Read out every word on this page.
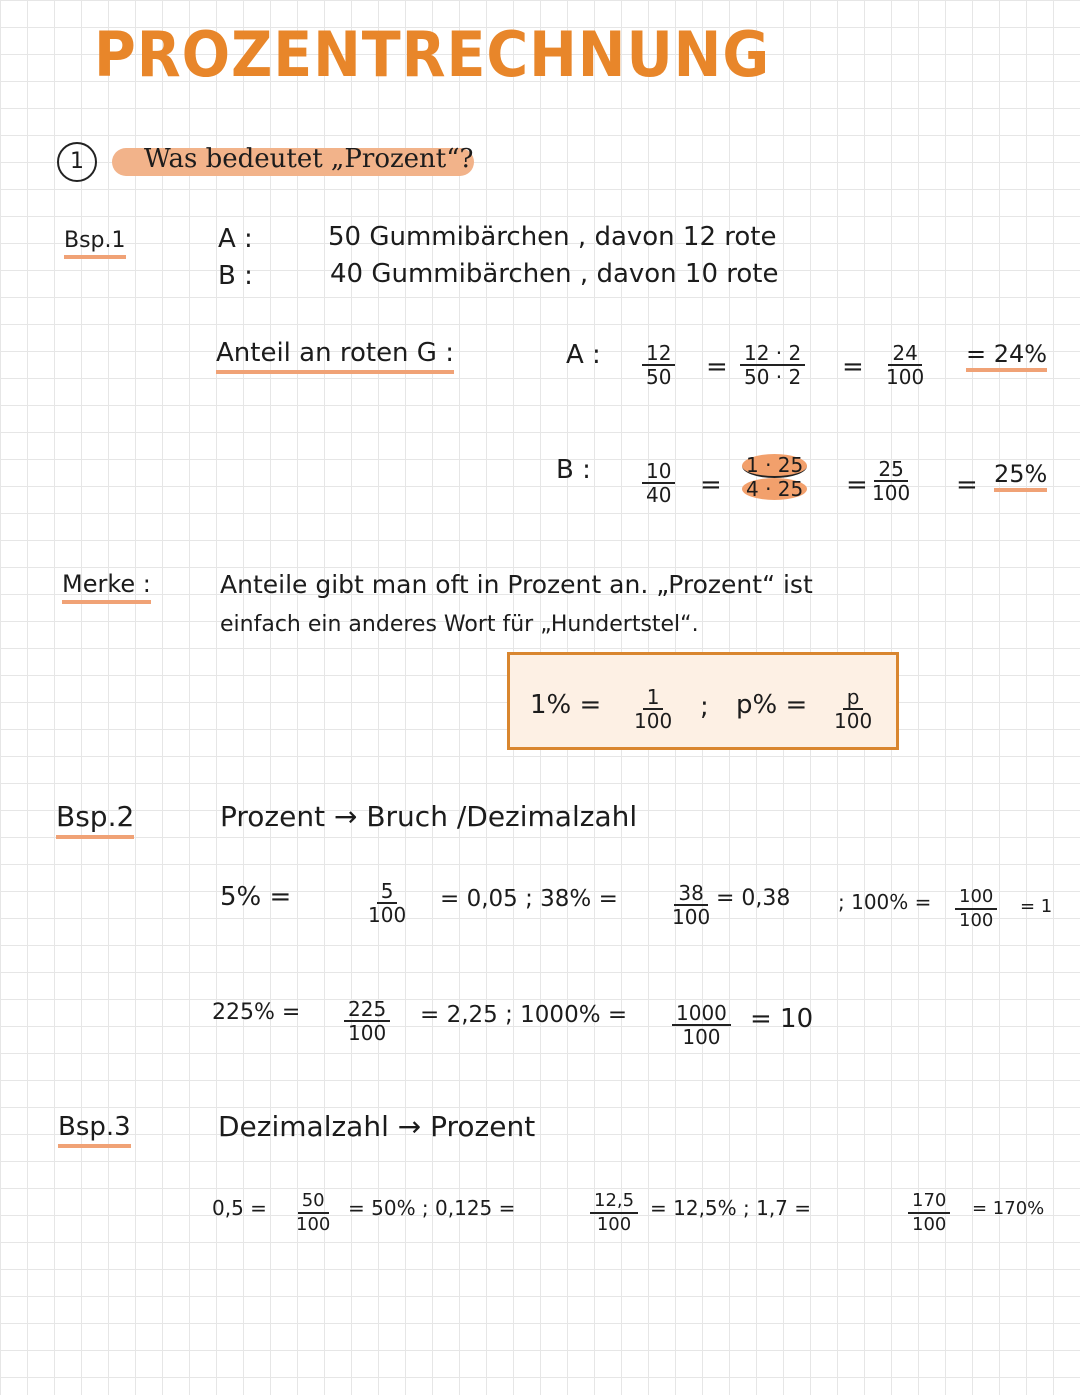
PROZENTRECHNUNG
1	Was bedeutet „Prozent“?
Bsp.1	A :	50 Gummibärchen , davon 12 rote
B :	40 Gummibärchen , davon 10 rote
Anteil an roten G :	A : $\frac{12}{50} = \frac{12 \cdot 2}{50 \cdot 2} = \frac{24}{100} = 24\%$
B :	$\frac{10}{40} = \frac{1 \cdot 25}{4 \cdot 25} = \frac{25}{100} = 25\%$
Merke :	Anteile gibt man oft in Prozent an. „Prozent“ ist
einfach ein anderes Wort für „Hundertstel“.
$1\% = \frac{1}{100}$ ; $p\% = \frac{p}{100}$
Bsp.2	Prozent → Bruch /Dezimalzahl
5% =	$\frac{5}{100} = 0,05$ ; 38% =	$\frac{38}{100} = 0,38$ ; $100\% = \frac{100}{100} = 1$
$225\% = \frac{225}{100} = 2,25$ ; $1000\% = \frac{1000}{100} = 10$
Bsp.3	Dezimalzahl → Prozent
$0,5 = \frac{50}{100} = 50\%$ ; 0,125 =	$\frac{12,5}{100} = 12,5\%$ ; 1,7 =	$\frac{170}{100} = 170\%$
